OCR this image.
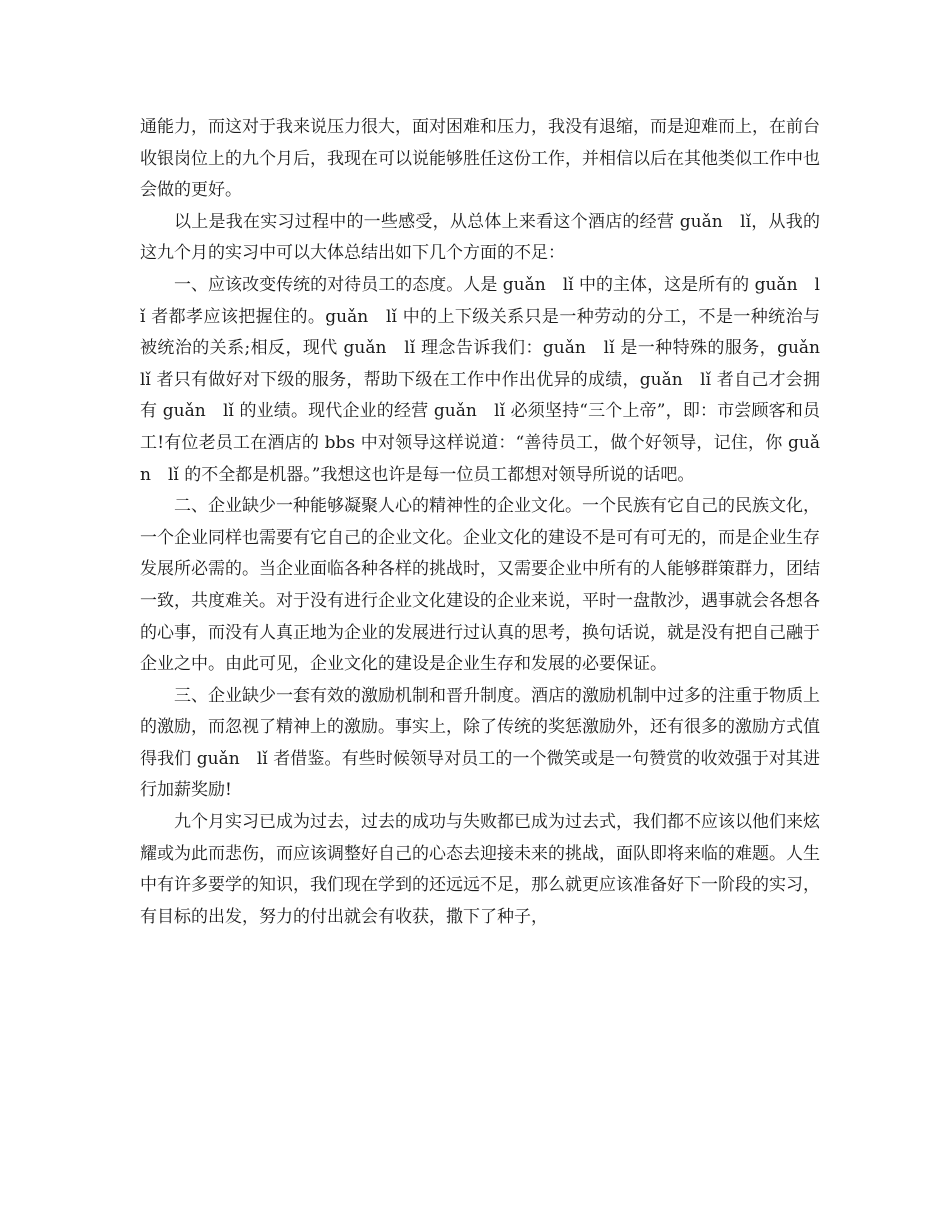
通能力，而这对于我来说压力很大，面对困难和压力，我没有退缩，而是迎难而上，在前台收银岗位上的九个月后，我现在可以说能够胜任这份工作，并相信以后在其他类似工作中也会做的更好。

以上是我在实习过程中的一些感受，从总体上来看这个酒店的经营 guǎn　lǐ，从我的这九个月的实习中可以大体总结出如下几个方面的不足：

一、应该改变传统的对待员工的态度。人是 guǎn　lǐ 中的主体，这是所有的 guǎn　lǐ 者都孝应该把握住的。guǎn　lǐ 中的上下级关系只是一种劳动的分工，不是一种统治与被统治的关系;相反，现代 guǎn　lǐ 理念告诉我们：guǎn　lǐ 是一种特殊的服务，guǎn　lǐ 者只有做好对下级的服务，帮助下级在工作中作出优异的成绩，guǎn　lǐ 者自己才会拥有 guǎn　lǐ 的业绩。现代企业的经营 guǎn　lǐ 必须坚持“三个上帝”，即：市尝顾客和员工!有位老员工在酒店的 bbs 中对领导这样说道：“善待员工，做个好领导，记住，你 guǎn　lǐ 的不全都是机器。”我想这也许是每一位员工都想对领导所说的话吧。

二、企业缺少一种能够凝聚人心的精神性的企业文化。一个民族有它自己的民族文化，一个企业同样也需要有它自己的企业文化。企业文化的建设不是可有可无的，而是企业生存发展所必需的。当企业面临各种各样的挑战时，又需要企业中所有的人能够群策群力，团结一致，共度难关。对于没有进行企业文化建设的企业来说，平时一盘散沙，遇事就会各想各的心事，而没有人真正地为企业的发展进行过认真的思考，换句话说，就是没有把自己融于企业之中。由此可见，企业文化的建设是企业生存和发展的必要保证。

三、企业缺少一套有效的激励机制和晋升制度。酒店的激励机制中过多的注重于物质上的激励，而忽视了精神上的激励。事实上，除了传统的奖惩激励外，还有很多的激励方式值得我们 guǎn　lǐ 者借鉴。有些时候领导对员工的一个微笑或是一句赞赏的收效强于对其进行加薪奖励!

九个月实习已成为过去，过去的成功与失败都已成为过去式，我们都不应该以他们来炫耀或为此而悲伤，而应该调整好自己的心态去迎接未来的挑战，面队即将来临的难题。人生中有许多要学的知识，我们现在学到的还远远不足，那么就更应该准备好下一阶段的实习，有目标的出发，努力的付出就会有收获，撒下了种子，
